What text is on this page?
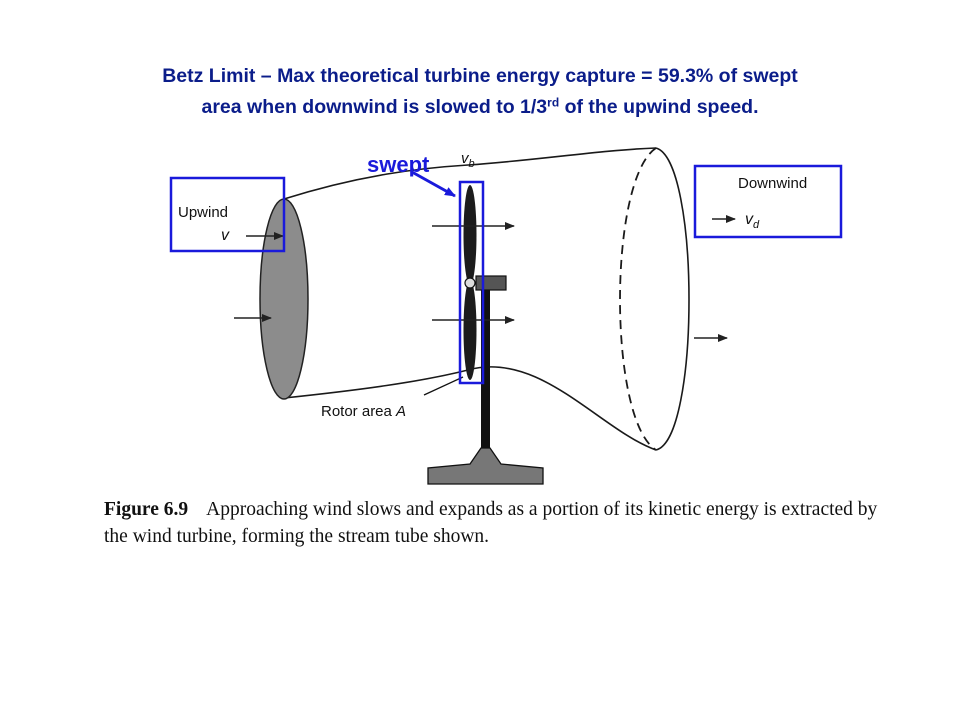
Betz Limit – Max theoretical turbine energy capture = 59.3% of swept
area when downwind is slowed to 1/3rd of the upwind speed.
swept
Upwind
v
Downwind
$v_d$
$v_b$
Rotor area A
Figure 6.9 Approaching wind slows and expands as a portion of its kinetic energy is extracted by the wind turbine, forming the stream tube shown.
